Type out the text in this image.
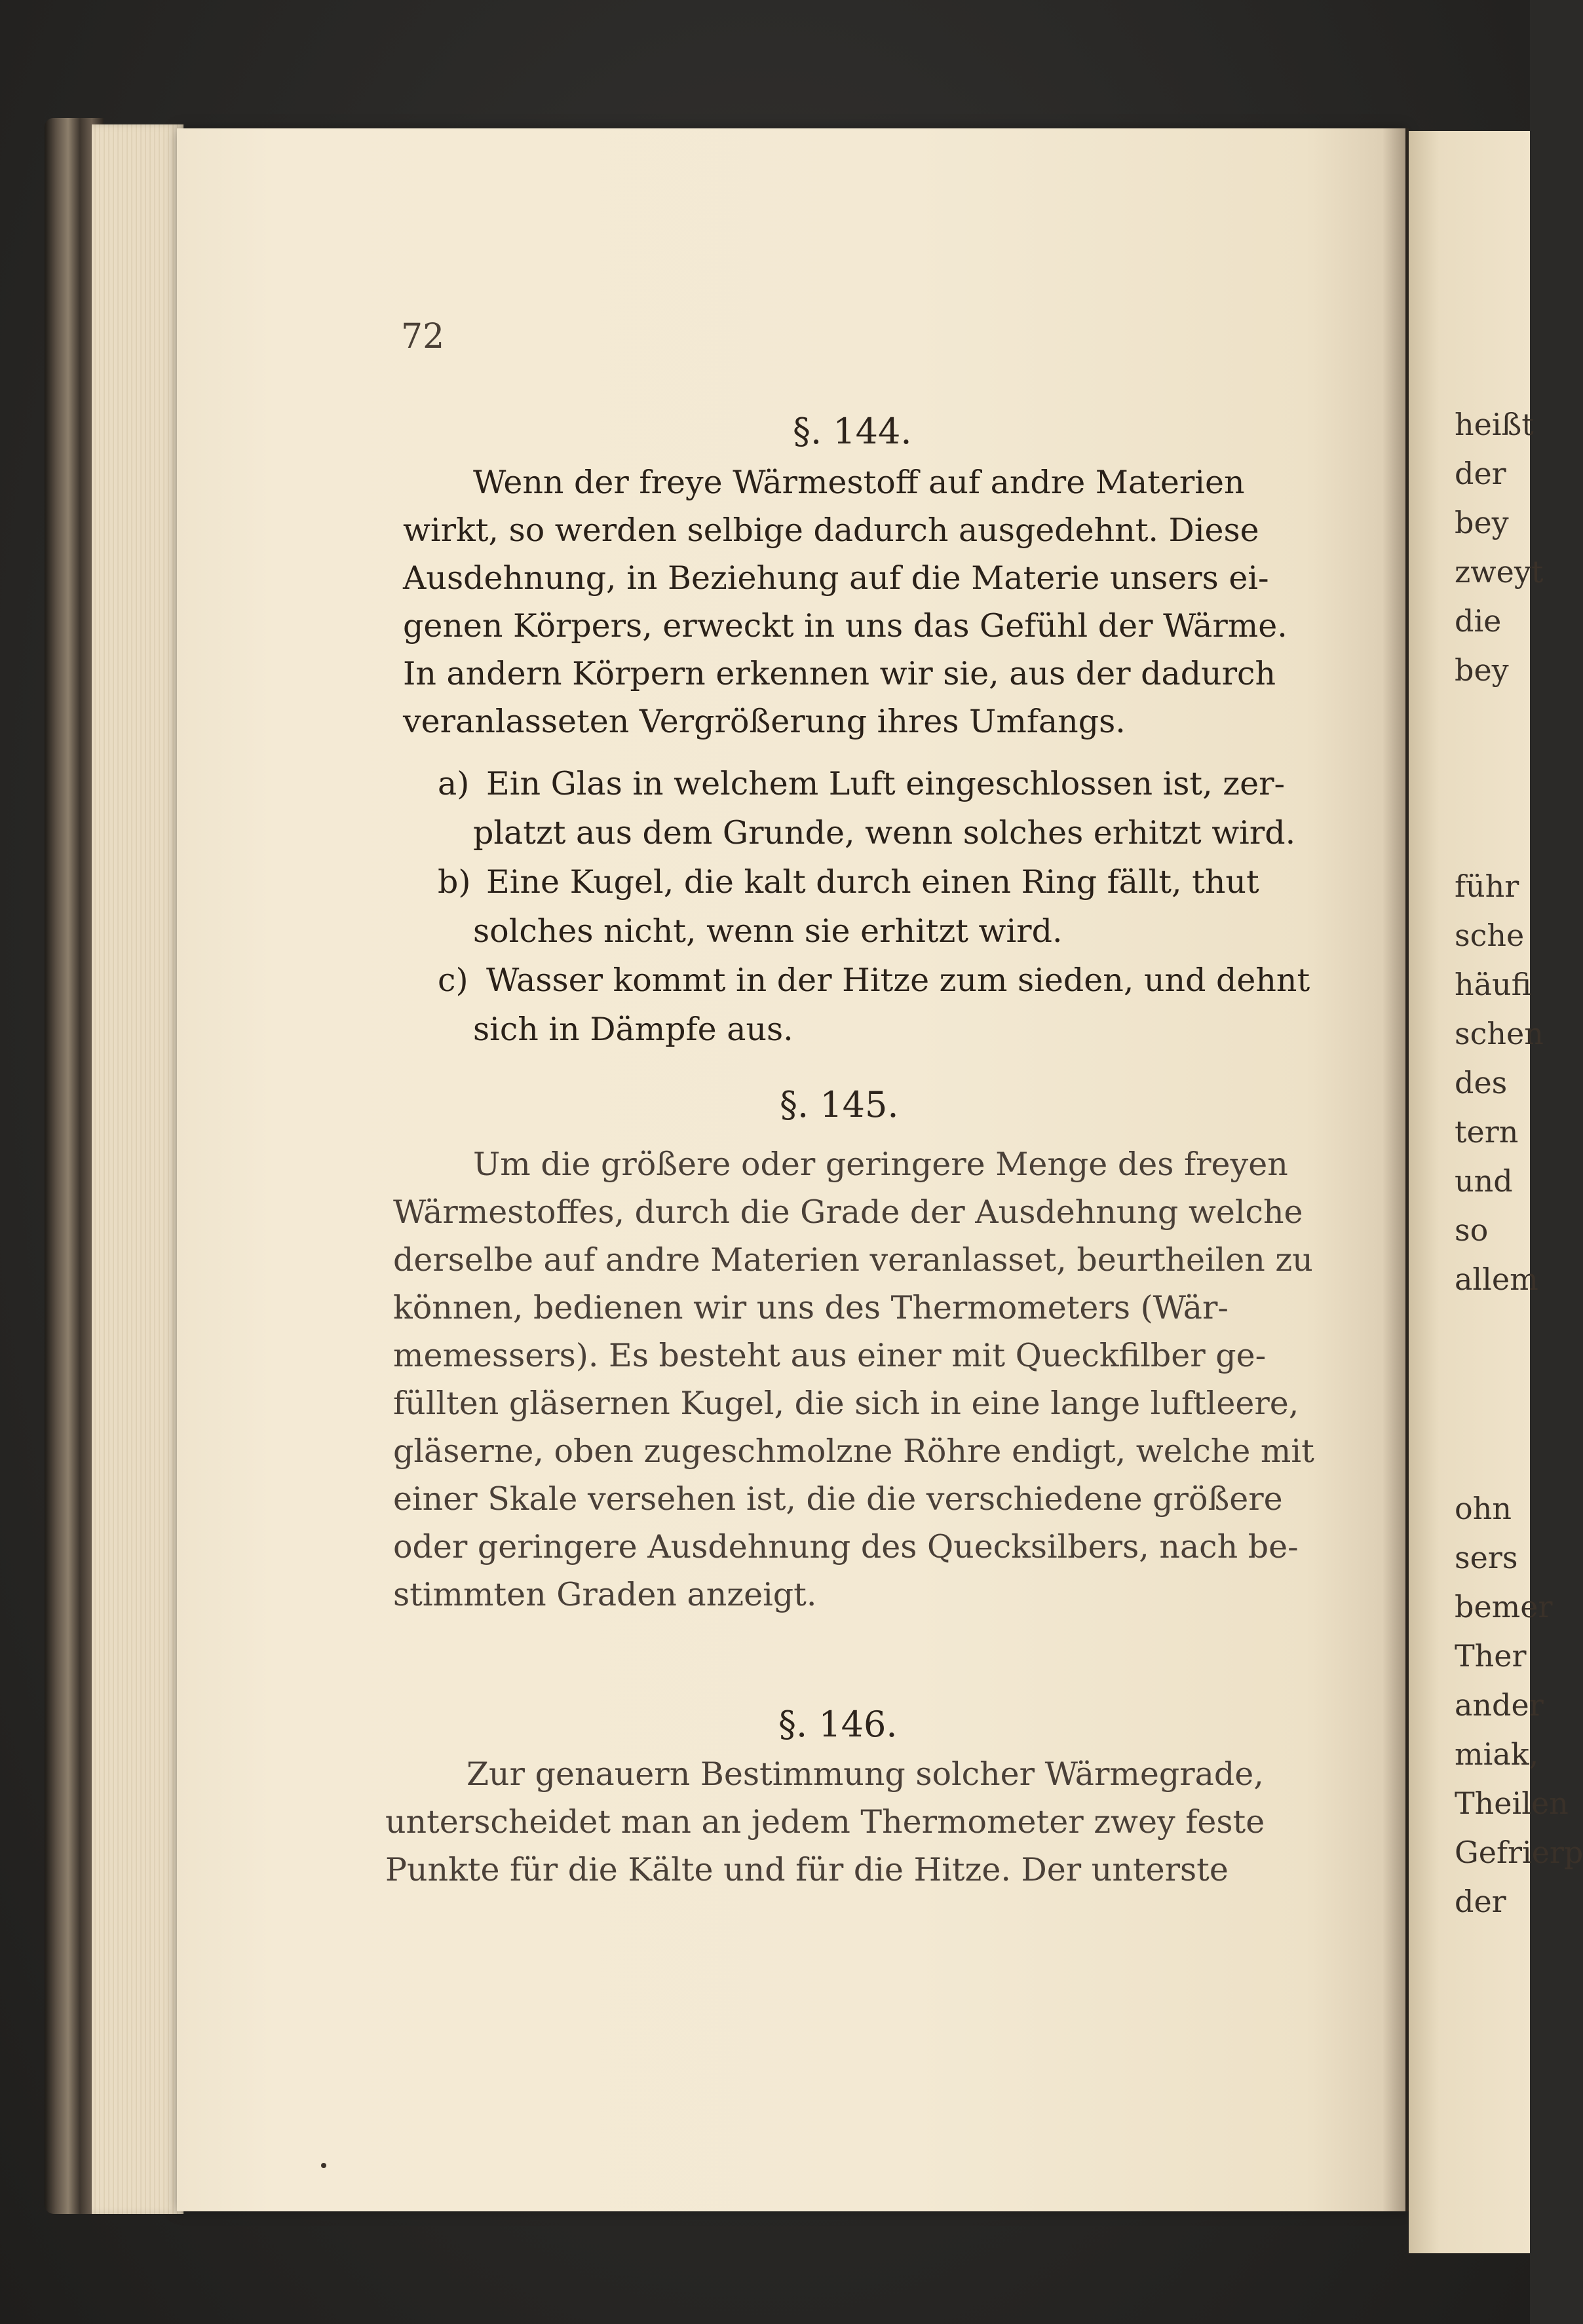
heißt
der
bey
zweyt
die
bey
führ
sche
häufi
schen
des
tern
und
so
allem
ohn
sers
bemer
Ther
ander
miak,
Theilen
Gefrierp
der
72
§. 144.
Wenn der freye Wärmestoff auf andre Materien
wirkt, so werden selbige dadurch ausgedehnt. Diese
Ausdehnung, in Beziehung auf die Materie unsers ei-
genen Körpers, erweckt in uns das Gefühl der Wärme.
In andern Körpern erkennen wir sie, aus der dadurch
veranlasseten Vergrößerung ihres Umfangs.
a) Ein Glas in welchem Luft eingeschlossen ist, zer-
platzt aus dem Grunde, wenn solches erhitzt wird.
b) Eine Kugel, die kalt durch einen Ring fällt, thut
solches nicht, wenn sie erhitzt wird.
c) Wasser kommt in der Hitze zum sieden, und dehnt
sich in Dämpfe aus.
§. 145.
Um die größere oder geringere Menge des freyen
Wärmestoffes, durch die Grade der Ausdehnung welche
derselbe auf andre Materien veranlasset, beurtheilen zu
können, bedienen wir uns des Thermometers (Wär-
memessers). Es besteht aus einer mit Queckfilber ge-
füllten gläsernen Kugel, die sich in eine lange luftleere,
gläserne, oben zugeschmolzne Röhre endigt, welche mit
einer Skale versehen ist, die die verschiedene größere
oder geringere Ausdehnung des Quecksilbers, nach be-
stimmten Graden anzeigt.
§. 146.
Zur genauern Bestimmung solcher Wärmegrade,
unterscheidet man an jedem Thermometer zwey feste
Punkte für die Kälte und für die Hitze. Der unterste
